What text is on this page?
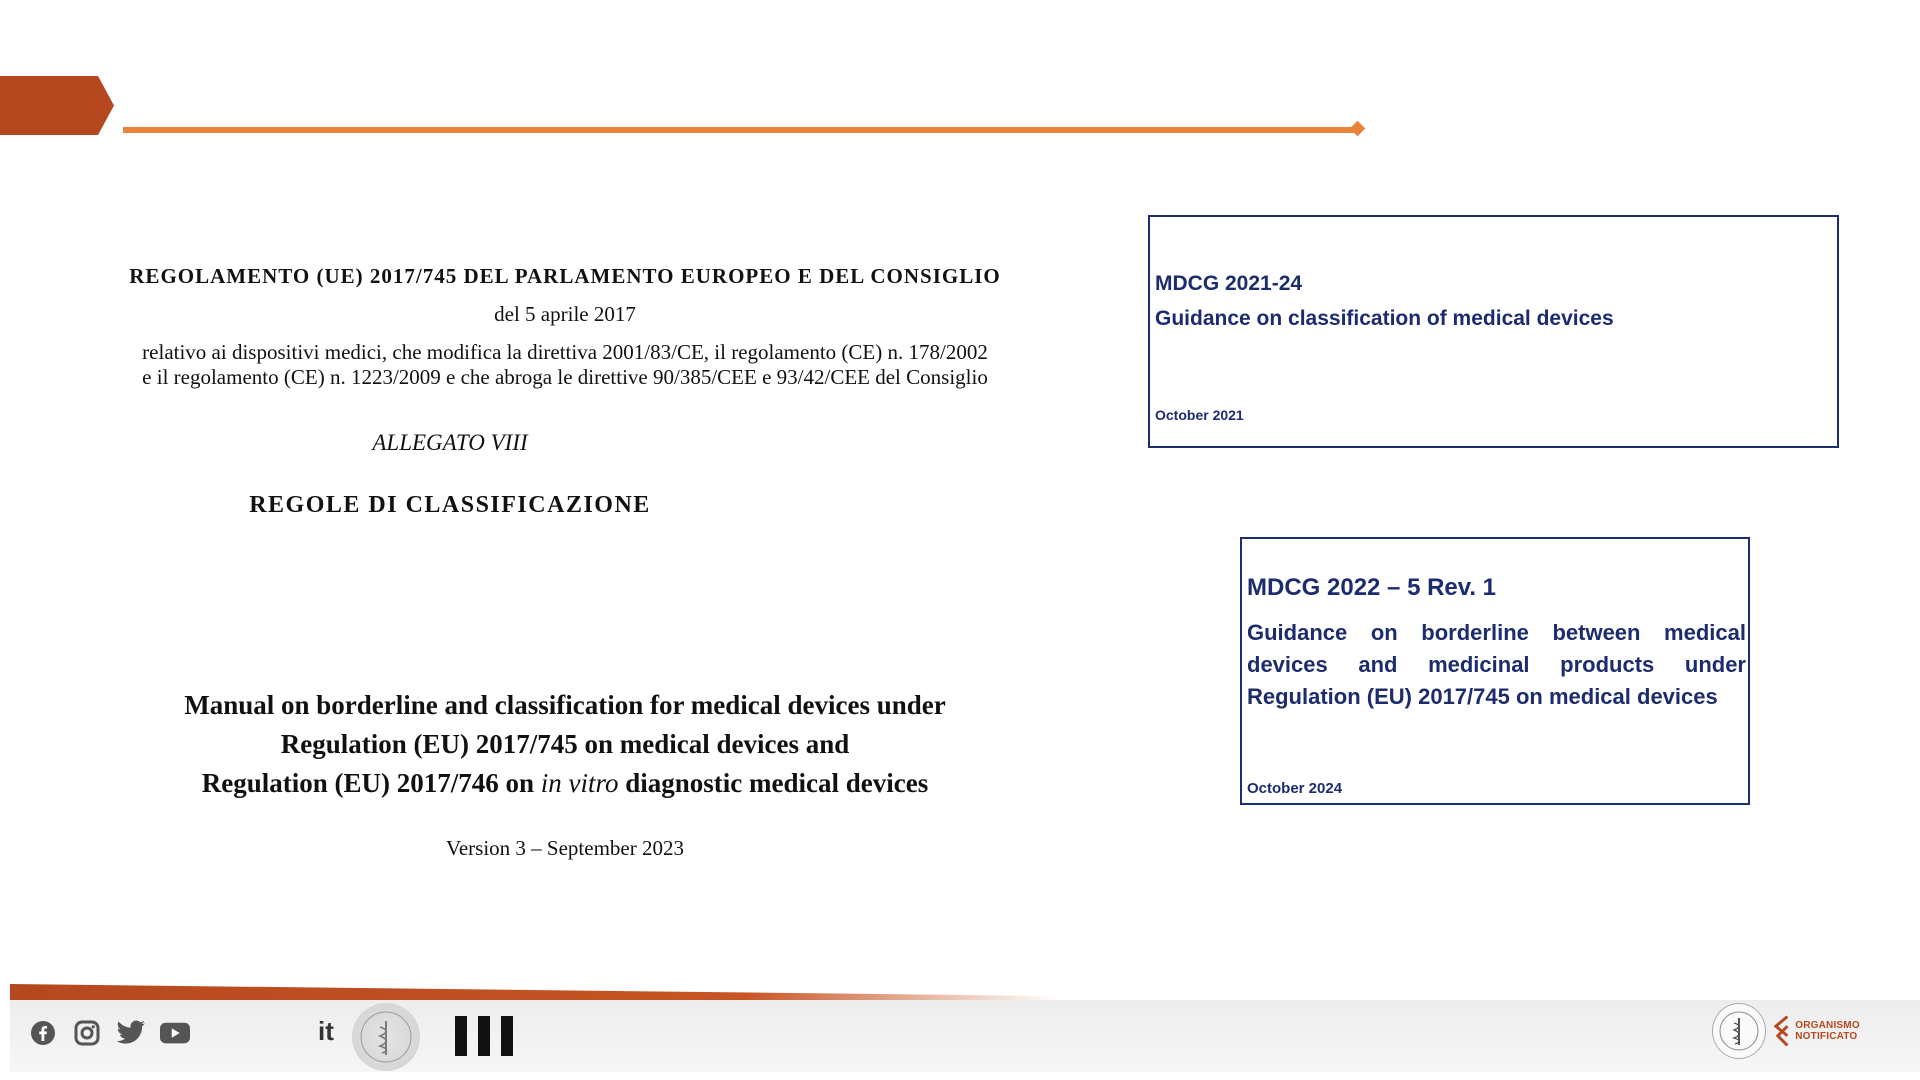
REGOLAMENTO (UE) 2017/745 DEL PARLAMENTO EUROPEO E DEL CONSIGLIO
del 5 aprile 2017
relativo ai dispositivi medici, che modifica la direttiva 2001/83/CE, il regolamento (CE) n. 178/2002
e il regolamento (CE) n. 1223/2009 e che abroga le direttive 90/385/CEE e 93/42/CEE del Consiglio
ALLEGATO VIII
REGOLE DI CLASSIFICAZIONE
Manual on borderline and classification for medical devices under
Regulation (EU) 2017/745 on medical devices and
Regulation (EU) 2017/746 on in vitro diagnostic medical devices
Version 3 – September 2023
MDCG 2021-24
Guidance on classification of medical devices
October 2021
MDCG 2022 – 5 Rev. 1
Guidance on borderline between medical devices and medicinal products under Regulation (EU) 2017/745 on medical devices
October 2024
it	ORGANISMO NOTIFICATO
